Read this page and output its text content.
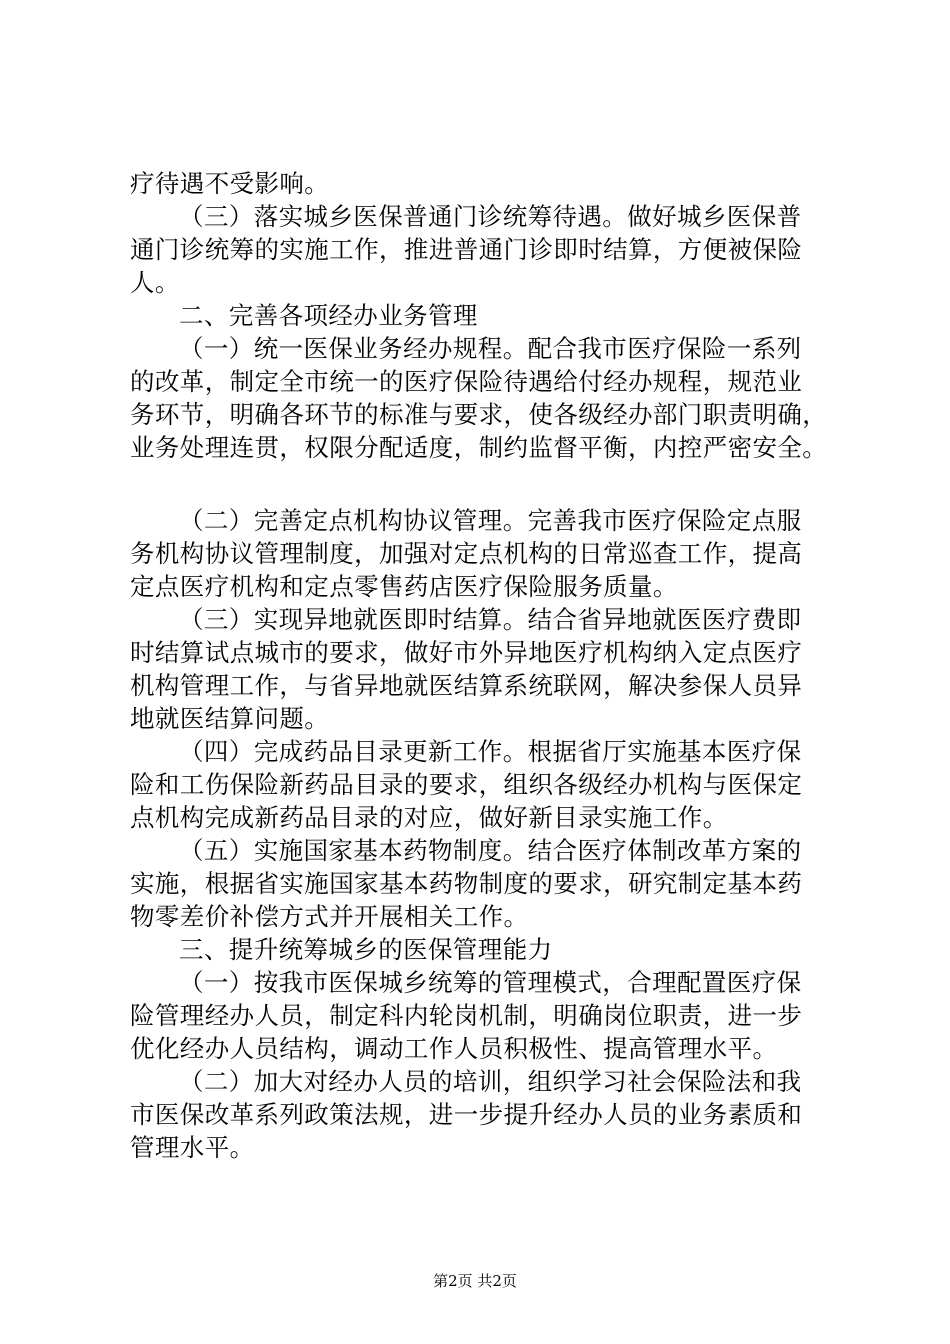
疗待遇不受影响。
（三）落实城乡医保普通门诊统筹待遇。做好城乡医保普
通门诊统筹的实施工作，推进普通门诊即时结算，方便被保险
人。
二、完善各项经办业务管理
（一）统一医保业务经办规程。配合我市医疗保险一系列
的改革，制定全市统一的医疗保险待遇给付经办规程，规范业
务环节，明确各环节的标准与要求，使各级经办部门职责明确，
业务处理连贯，权限分配适度，制约监督平衡，内控严密安全。
（二）完善定点机构协议管理。完善我市医疗保险定点服
务机构协议管理制度，加强对定点机构的日常巡查工作，提高
定点医疗机构和定点零售药店医疗保险服务质量。
（三）实现异地就医即时结算。结合省异地就医医疗费即
时结算试点城市的要求，做好市外异地医疗机构纳入定点医疗
机构管理工作，与省异地就医结算系统联网，解决参保人员异
地就医结算问题。
（四）完成药品目录更新工作。根据省厅实施基本医疗保
险和工伤保险新药品目录的要求，组织各级经办机构与医保定
点机构完成新药品目录的对应，做好新目录实施工作。
（五）实施国家基本药物制度。结合医疗体制改革方案的
实施，根据省实施国家基本药物制度的要求，研究制定基本药
物零差价补偿方式并开展相关工作。
三、提升统筹城乡的医保管理能力
（一）按我市医保城乡统筹的管理模式，合理配置医疗保
险管理经办人员，制定科内轮岗机制，明确岗位职责，进一步
优化经办人员结构，调动工作人员积极性、提高管理水平。
（二）加大对经办人员的培训，组织学习社会保险法和我
市医保改革系列政策法规，进一步提升经办人员的业务素质和
管理水平。
第2页 共2页
